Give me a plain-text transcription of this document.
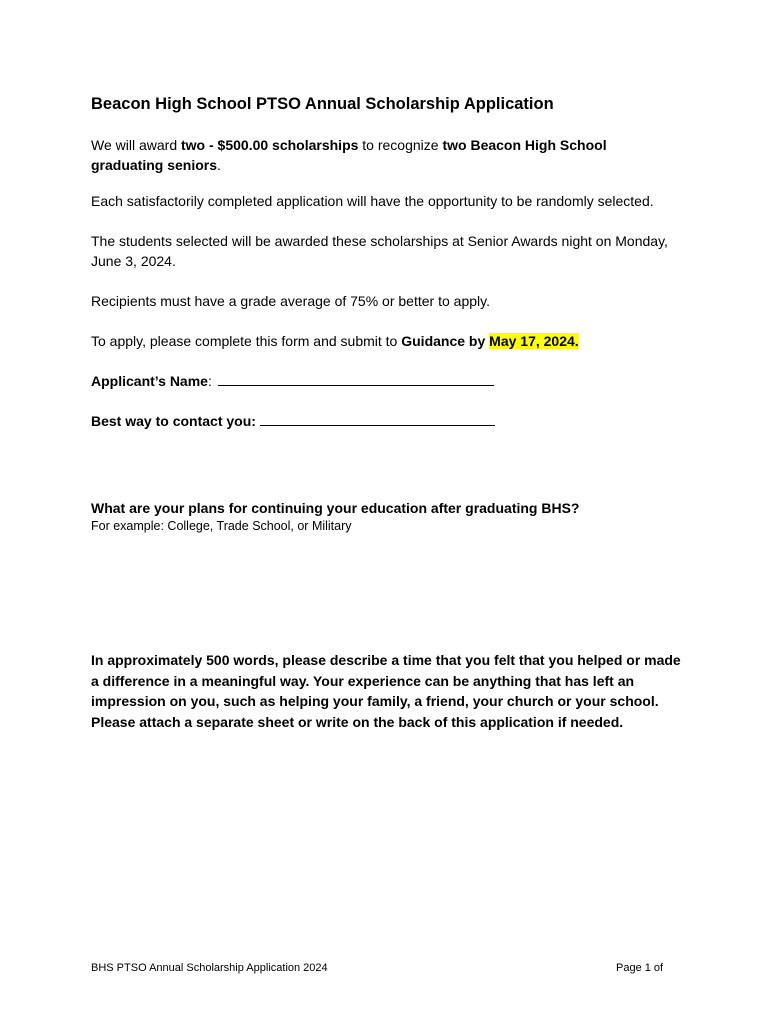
Beacon High School PTSO Annual Scholarship Application

We will award two - $500.00 scholarships to recognize two Beacon High School graduating seniors.

Each satisfactorily completed application will have the opportunity to be randomly selected.

The students selected will be awarded these scholarships at Senior Awards night on Monday, June 3, 2024.

Recipients must have a grade average of 75% or better to apply.

To apply, please complete this form and submit to Guidance by May 17, 2024.

Applicant’s Name:
Best way to contact you:

What are your plans for continuing your education after graduating BHS?

For example: College, Trade School, or Military

In approximately 500 words, please describe a time that you felt that you helped or made a difference in a meaningful way. Your experience can be anything that has left an impression on you, such as helping your family, a friend, your church or your school. Please attach a separate sheet or write on the back of this application if needed.

BHS PTSO Annual Scholarship Application 2024	Page 1 of
